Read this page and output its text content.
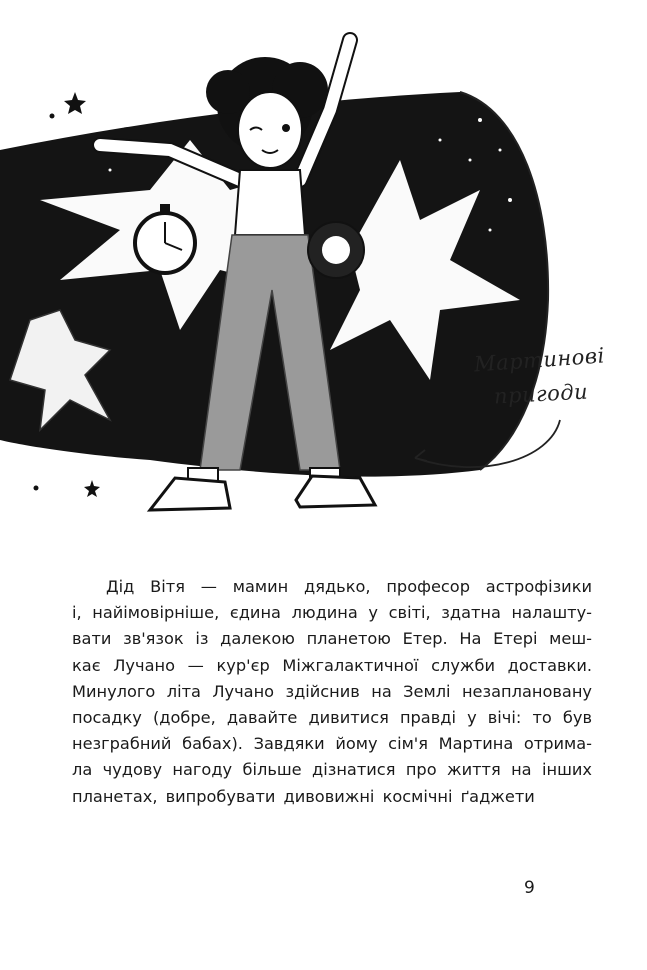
Мартинові
пригоди
Дід Вітя — мамин дядько, професор астрофізики
і, найімовірніше, єдина людина у світі, здатна налашту-
вати зв'язок із далекою планетою Етер. На Етері меш-
кає Лучано — кур'єр Міжгалактичної служби доставки.
Минулого літа Лучано здійснив на Землі незаплановану
посадку (добре, давайте дивитися правді у вічі: то був
незграбний бабах). Завдяки йому сім'я Мартина отрима-
ла чудову нагоду більше дізнатися про життя на інших
планетах, випробувати дивовижні космічні ґаджети
9
